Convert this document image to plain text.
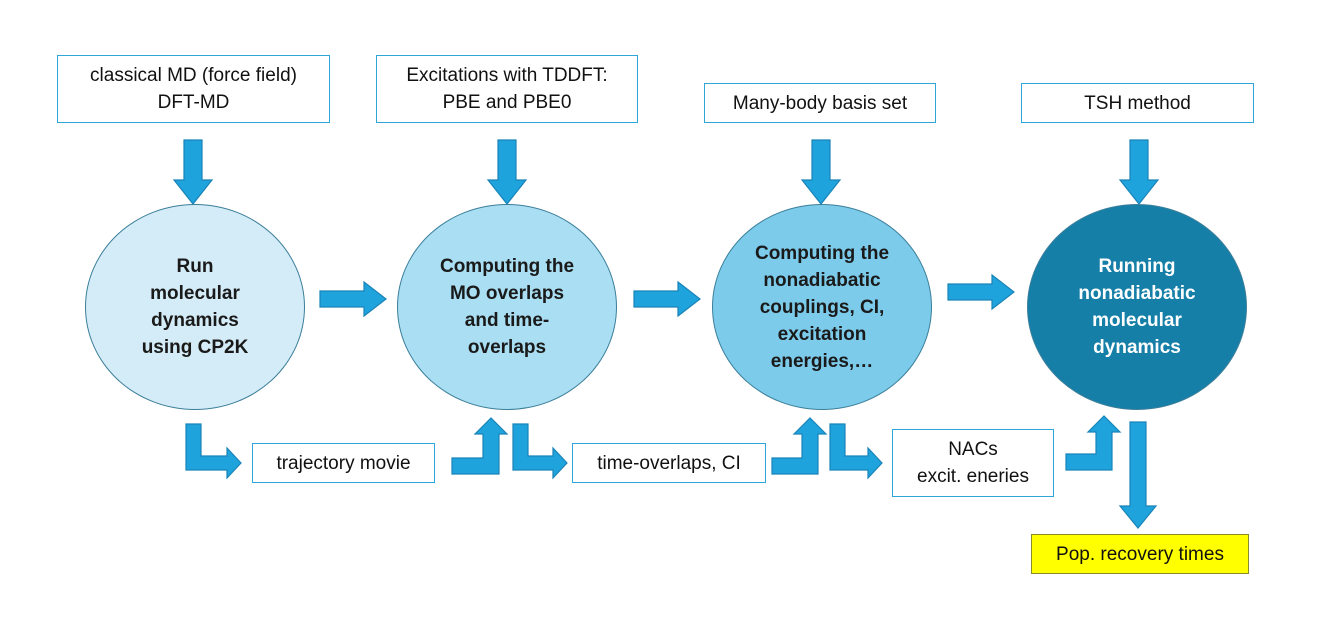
classical MD (force field)
DFT-MD
Excitations with TDDFT:
PBE and PBE0	Many-body basis set	TSH method
Run
molecular
dynamics
using CP2K
Computing the
MO overlaps
and time-
overlaps
Computing the
nonadiabatic
couplings, CI,
excitation
energies,…
Running
nonadiabatic
molecular
dynamics
trajectory movie	time-overlaps, CI
NACs
excit. eneries
Pop. recovery times
